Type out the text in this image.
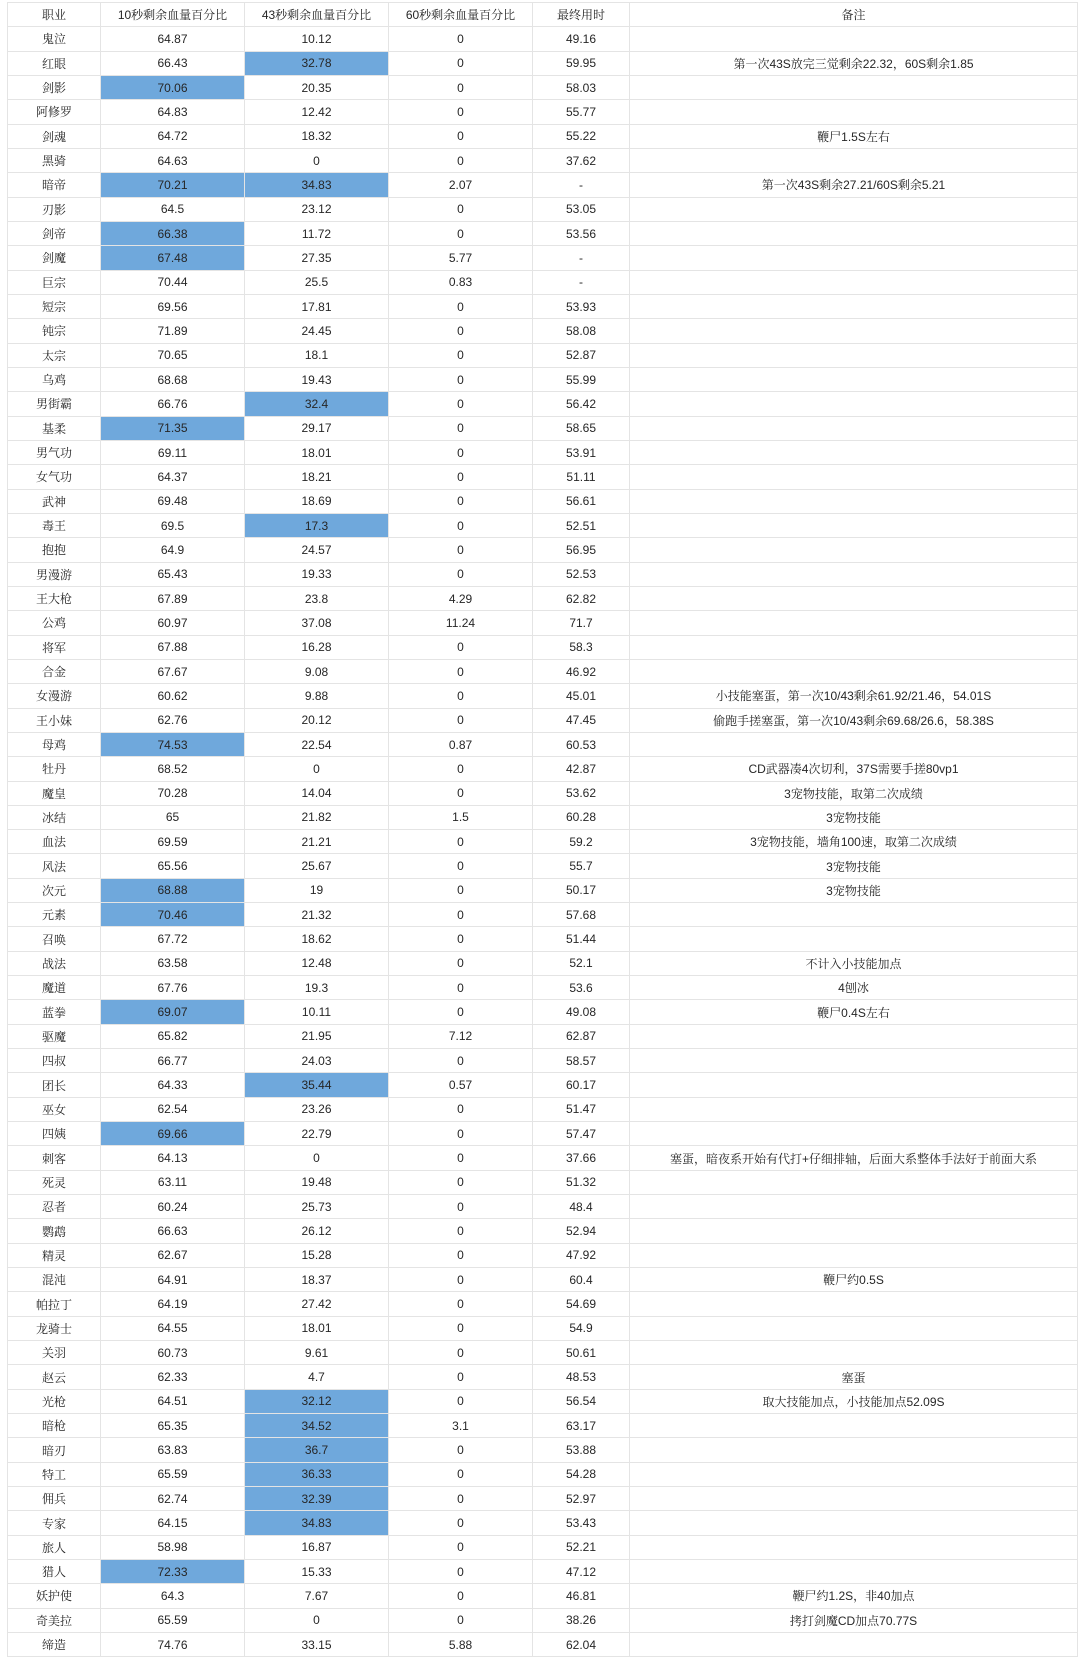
职业	10秒剩余血量百分比	43秒剩余血量百分比	60秒剩余血量百分比	最终用时	备注
鬼泣	64.87	10.12	0	49.16	
红眼	66.43	32.78	0	59.95	第一次43S放完三觉剩余22.32，60S剩余1.85
剑影	70.06	20.35	0	58.03	
阿修罗	64.83	12.42	0	55.77	
剑魂	64.72	18.32	0	55.22	鞭尸1.5S左右
黑骑	64.63	0	0	37.62	
暗帝	70.21	34.83	2.07	-	第一次43S剩余27.21/60S剩余5.21
刃影	64.5	23.12	0	53.05	
剑帝	66.38	11.72	0	53.56	
剑魔	67.48	27.35	5.77	-	
巨宗	70.44	25.5	0.83	-	
短宗	69.56	17.81	0	53.93	
钝宗	71.89	24.45	0	58.08	
太宗	70.65	18.1	0	52.87	
乌鸡	68.68	19.43	0	55.99	
男街霸	66.76	32.4	0	56.42	
基柔	71.35	29.17	0	58.65	
男气功	69.11	18.01	0	53.91	
女气功	64.37	18.21	0	51.11	
武神	69.48	18.69	0	56.61	
毒王	69.5	17.3	0	52.51	
抱抱	64.9	24.57	0	56.95	
男漫游	65.43	19.33	0	52.53	
王大枪	67.89	23.8	4.29	62.82	
公鸡	60.97	37.08	11.24	71.7	
将军	67.88	16.28	0	58.3	
合金	67.67	9.08	0	46.92	
女漫游	60.62	9.88	0	45.01	小技能塞蛋，第一次10/43剩余61.92/21.46，54.01S
王小妹	62.76	20.12	0	47.45	偷跑手搓塞蛋，第一次10/43剩余69.68/26.6，58.38S
母鸡	74.53	22.54	0.87	60.53	
牡丹	68.52	0	0	42.87	CD武器凑4次切利，37S需要手搓80vp1
魔皇	70.28	14.04	0	53.62	3宠物技能，取第二次成绩
冰结	65	21.82	1.5	60.28	3宠物技能
血法	69.59	21.21	0	59.2	3宠物技能，墙角100速，取第二次成绩
风法	65.56	25.67	0	55.7	3宠物技能
次元	68.88	19	0	50.17	3宠物技能
元素	70.46	21.32	0	57.68	
召唤	67.72	18.62	0	51.44	
战法	63.58	12.48	0	52.1	不计入小技能加点
魔道	67.76	19.3	0	53.6	4刨冰
蓝拳	69.07	10.11	0	49.08	鞭尸0.4S左右
驱魔	65.82	21.95	7.12	62.87	
四叔	66.77	24.03	0	58.57	
团长	64.33	35.44	0.57	60.17	
巫女	62.54	23.26	0	51.47	
四姨	69.66	22.79	0	57.47	
刺客	64.13	0	0	37.66	塞蛋，暗夜系开始有代打+仔细排轴，后面大系整体手法好于前面大系
死灵	63.11	19.48	0	51.32	
忍者	60.24	25.73	0	48.4	
鹦鹉	66.63	26.12	0	52.94	
精灵	62.67	15.28	0	47.92	
混沌	64.91	18.37	0	60.4	鞭尸约0.5S
帕拉丁	64.19	27.42	0	54.69	
龙骑士	64.55	18.01	0	54.9	
关羽	60.73	9.61	0	50.61	
赵云	62.33	4.7	0	48.53	塞蛋
光枪	64.51	32.12	0	56.54	取大技能加点，小技能加点52.09S
暗枪	65.35	34.52	3.1	63.17	
暗刃	63.83	36.7	0	53.88	
特工	65.59	36.33	0	54.28	
佣兵	62.74	32.39	0	52.97	
专家	64.15	34.83	0	53.43	
旅人	58.98	16.87	0	52.21	
猎人	72.33	15.33	0	47.12	
妖护使	64.3	7.67	0	46.81	鞭尸约1.2S，非40加点
奇美拉	65.59	0	0	38.26	拷打剑魔CD加点70.77S
缔造	74.76	33.15	5.88	62.04	
